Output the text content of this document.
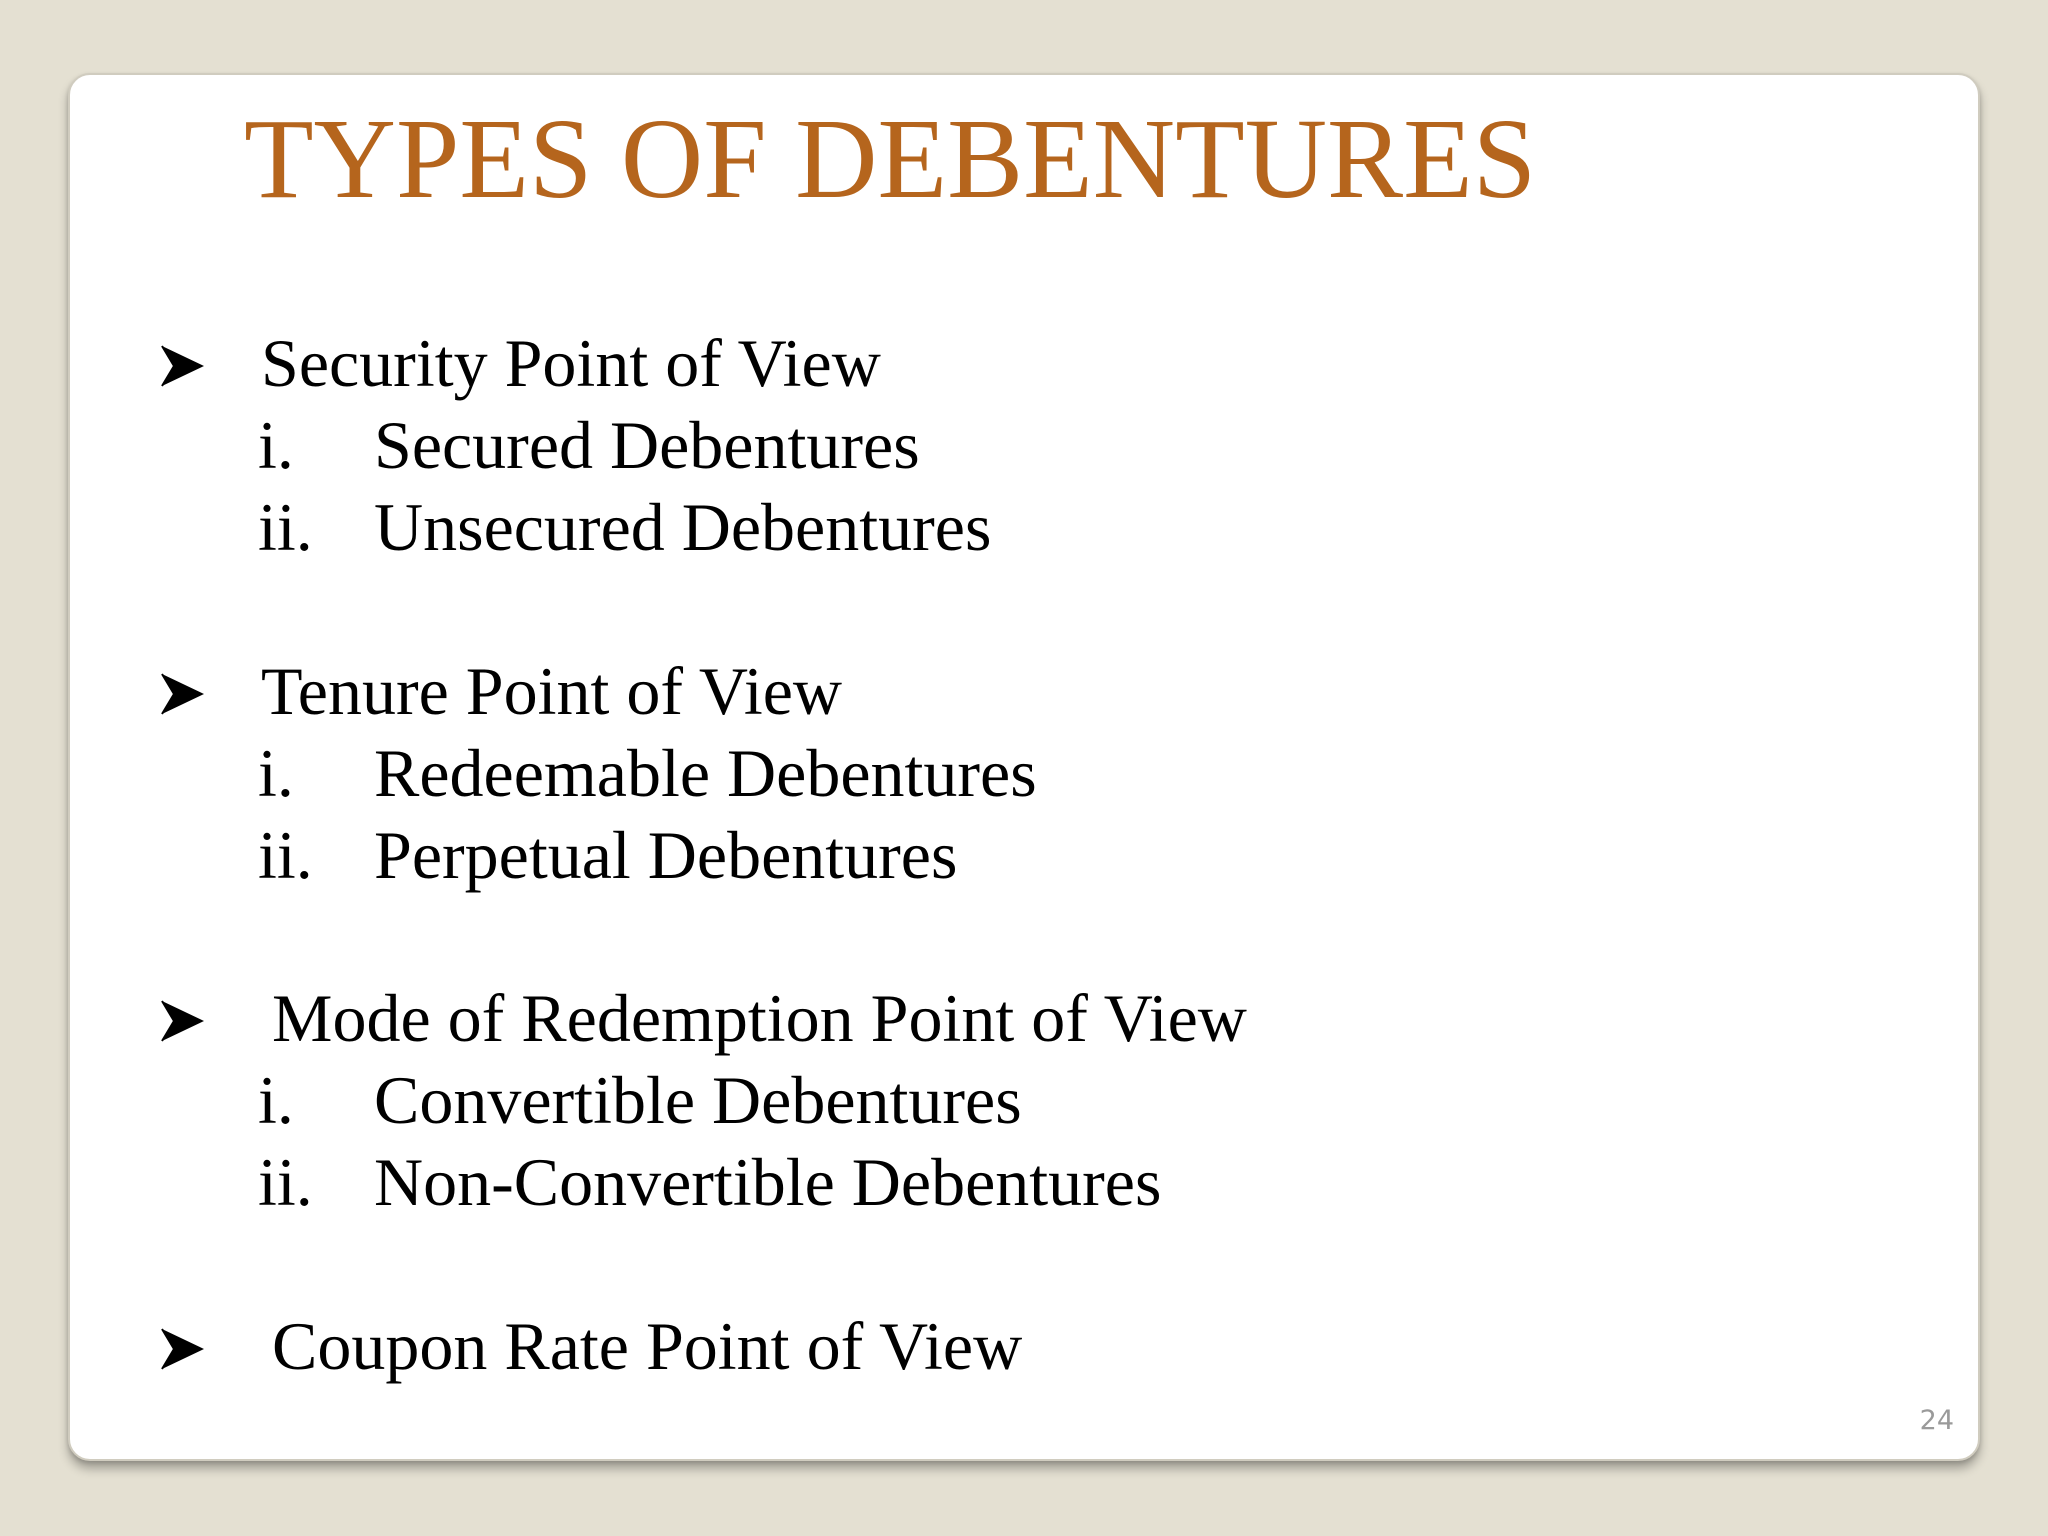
TYPES OF DEBENTURES
Security Point of View
i. Secured Debentures
ii. Unsecured Debentures
Tenure Point of View
i. Redeemable Debentures
ii. Perpetual Debentures
Mode of Redemption Point of View
i. Convertible Debentures
ii. Non-Convertible Debentures
Coupon Rate Point of View
24
